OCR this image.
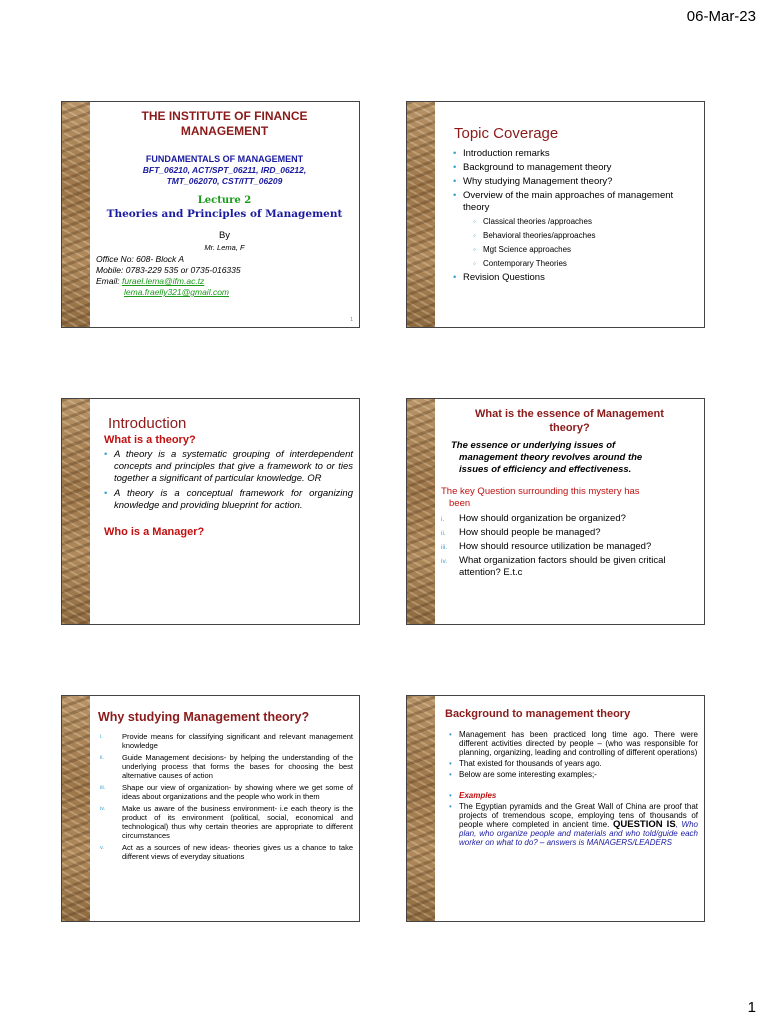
06-Mar-23
THE INSTITUTE OF FINANCE
MANAGEMENT
FUNDAMENTALS OF MANAGEMENT
BFT_06210, ACT/SPT_06211, IRD_06212,
TMT_062070, CST/ITT_06209
Lecture 2
Theories and Principles of Management
By
Mr. Lema, F
Office No: 608- Block A
Mobile: 0783-229 535 or 0735-016335
Email: furael.lema@ifm.ac.tz
lema.fraelly321@gmail.com
1
Topic Coverage
• Introduction remarks
• Background to management theory
• Why studying Management theory?
• Overview of the main approaches of management theory
◦ Classical theories /approaches
◦ Behavioral theories/approaches
◦ Mgt Science approaches
◦ Contemporary Theories
• Revision Questions
Introduction
What is a theory?
• A theory is a systematic grouping of interdependent concepts and principles that give a framework to or ties together a significant of particular knowledge. OR
• A theory is a conceptual framework for organizing knowledge and providing blueprint for action.
Who is a Manager?
What is the essence of Management
theory?
The essence or underlying issues of
management theory revolves around the
issues of efficiency and effectiveness.
The key Question surrounding this mystery has
been
i. How should organization be organized?
ii. How should people be managed?
iii. How should resource utilization be managed?
iv. What organization factors should be given critical attention? E.t.c
Why studying Management theory?
i.	Provide means for classifying significant and relevant management knowledge
ii. Guide Management decisions- by helping the understanding of the underlying process that forms the bases for choosing the best alternative causes of action
iii. Shape our view of organization- by showing where we get some of ideas about organizations and the people who work in them
iv. Make us aware of the business environment- i.e each theory is the product of its environment (political, social, economical and technological) thus why certain theories are appropriate to different circumstances
v. Act as a sources of new ideas- theories gives us a chance to take different views of everyday situations
Background to management theory
• Management has been practiced long time ago. There were different activities directed by people – (who was responsible for planning, organizing, leading and controlling of different operations)
• That existed for thousands of years ago.
• Below are some interesting examples;-
• Examples
• The Egyptian pyramids and the Great Wall of China are proof that projects of tremendous scope, employing tens of thousands of people where completed in ancient time. QUESTION IS, Who plan, who organize people and materials and who told/guide each worker on what to do? – answers is MANAGERS/LEADERS
1
